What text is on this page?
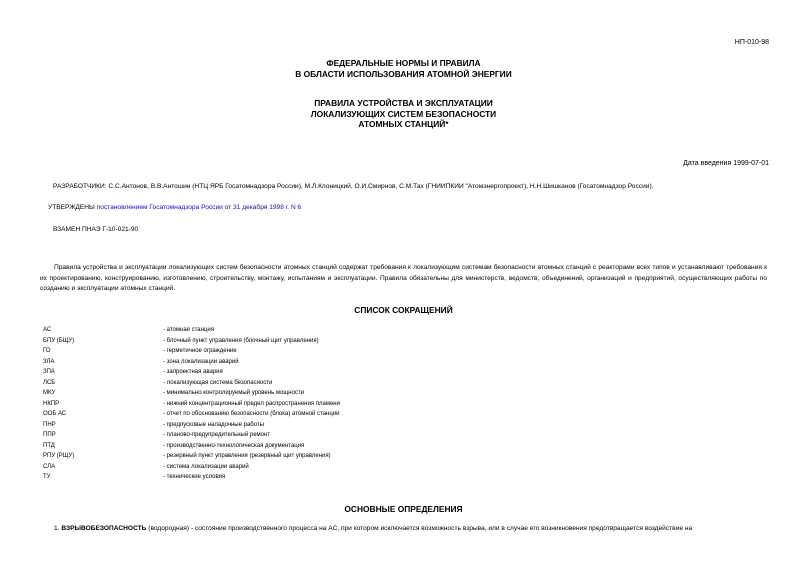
НП-010-98
ФЕДЕРАЛЬНЫЕ НОРМЫ И ПРАВИЛА
В ОБЛАСТИ ИСПОЛЬЗОВАНИЯ АТОМНОЙ ЭНЕРГИИ
ПРАВИЛА УСТРОЙСТВА И ЭКСПЛУАТАЦИИ
ЛОКАЛИЗУЮЩИХ СИСТЕМ БЕЗОПАСНОСТИ
АТОМНЫХ СТАНЦИЙ*
Дата введения 1999-07-01
РАЗРАБОТЧИКИ: С.С.Антонов, В.В.Антошин (НТЦ ЯРБ Госатомнадзора России), М.Л.Клоницкий, О.И.Смирнов, С.М.Тах (ГНИИПКИИ "Атомэнергопроект), Н.Н.Шишканов (Госатомнадзор России).
УТВЕРЖДЕНЫ постановлением Госатомнадзора России от 31 декабря 1998 г. N 6
ВЗАМЕН ПНАЭ Г-10-021-90

Правила устройства и эксплуатации локализующих систем безопасности атомных станций содержат требования к локализующим системам безопасности атомных станций с реакторами всех типов и устанавливают требования к их проектированию, конструированию, изготовлению, строительству, монтажу, испытаниям и эксплуатации. Правила обязательны для министерств, ведомств, объединений, организаций и предприятий, осуществляющих работы по созданию и эксплуатации атомных станций.

СПИСОК СОКРАЩЕНИЙ
АС	- атомная станция
БПУ (БЩУ)	- блочный пункт управления (блочный щит управления)
ГО	- герметичное ограждение
ЗЛА	- зона локализации аварий
ЗПА	- запроектная авария
ЛСБ	- локализующая система безопасности
МКУ	- минимально контролируемый уровень мощности
НКПР	- нижний концентрационный предел распространения пламени
ООБ АС	- отчет по обоснованию безопасности (блока) атомной станции
ПНР	- предпусковые наладочные работы
ППР	- планово-предупредительный ремонт
ПТД	- производственно-технологическая документация
РПУ (РЩУ)	- резервный пункт управления (резервный щит управления)
СЛА	- система локализации аварий
ТУ	- технические условия
ОСНОВНЫЕ ОПРЕДЕЛЕНИЯ

1. ВЗРЫВОБЕЗОПАСНОСТЬ (водородная) - состояние производственного процесса на АС, при котором исключается возможность взрыва, или в случае его возникновения предотвращается воздействие на
